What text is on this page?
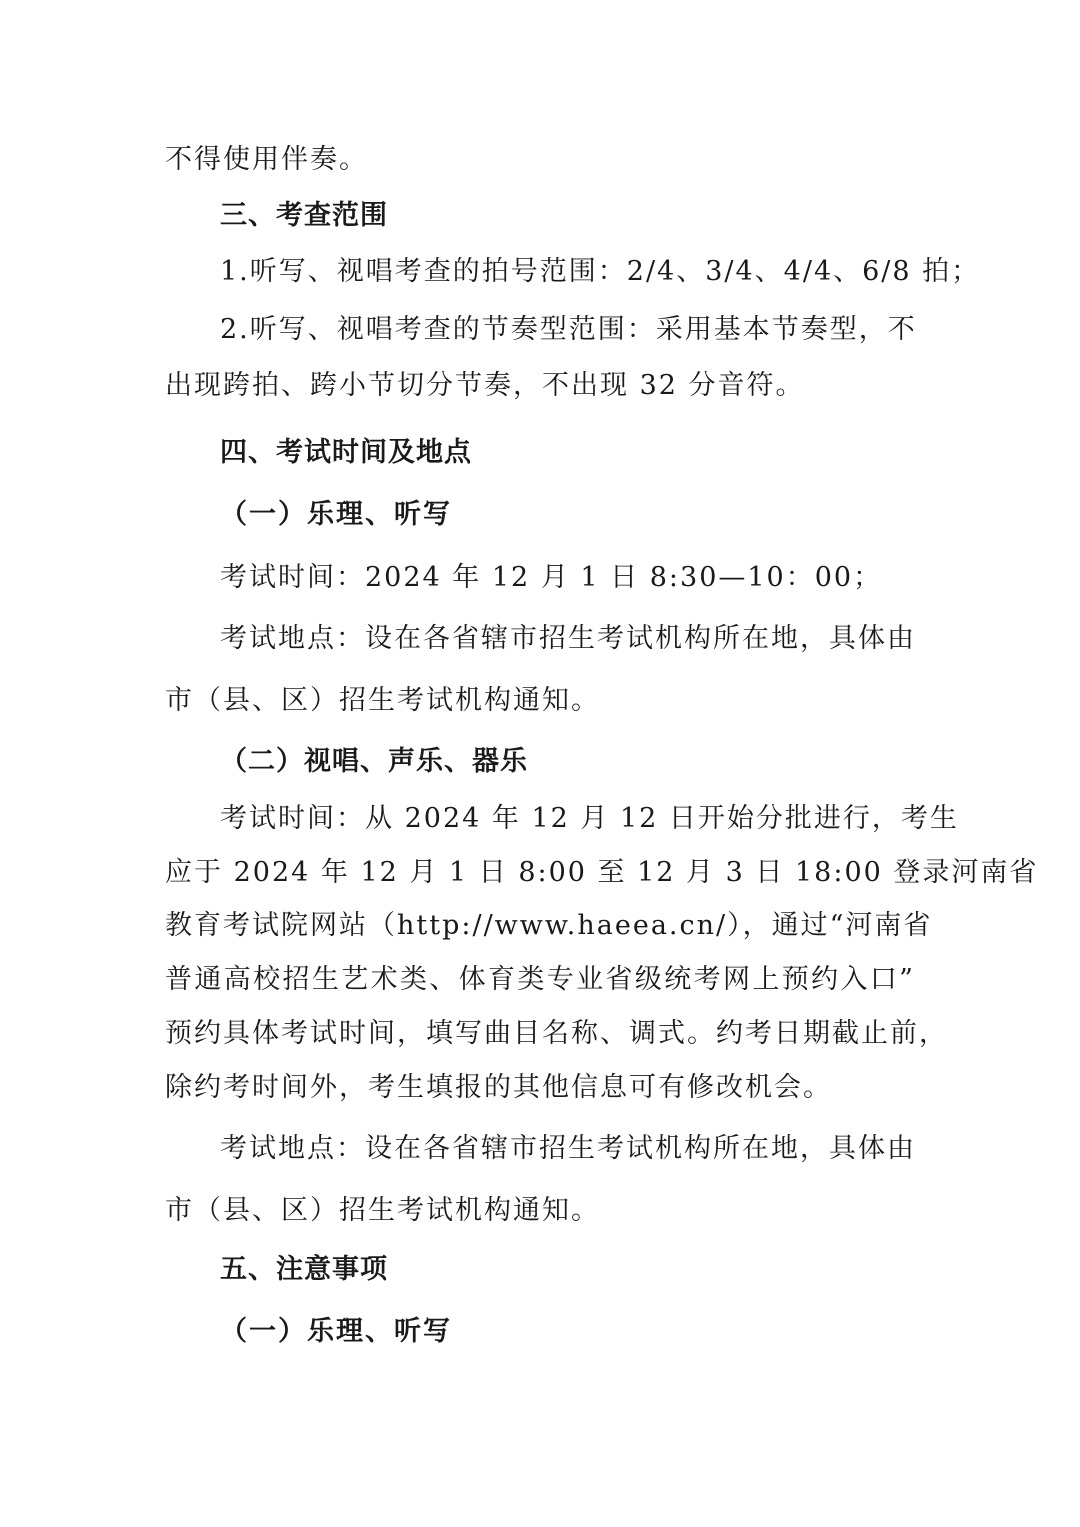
不得使用伴奏。
三、考查范围
1.听写、视唱考查的拍号范围：2/4、3/4、4/4、6/8 拍；
2.听写、视唱考查的节奏型范围：采用基本节奏型，不
出现跨拍、跨小节切分节奏，不出现 32 分音符。
四、考试时间及地点
（一）乐理、听写
考试时间：2024 年 12 月 1 日 8:30—10：00；
考试地点：设在各省辖市招生考试机构所在地，具体由
市（县、区）招生考试机构通知。
（二）视唱、声乐、器乐
考试时间：从 2024 年 12 月 12 日开始分批进行，考生
应于 2024 年 12 月 1 日 8:00 至 12 月 3 日 18:00 登录河南省
教育考试院网站（http://www.haeea.cn/），通过“河南省
普通高校招生艺术类、体育类专业省级统考网上预约入口”
预约具体考试时间，填写曲目名称、调式。约考日期截止前，
除约考时间外，考生填报的其他信息可有修改机会。
考试地点：设在各省辖市招生考试机构所在地，具体由
市（县、区）招生考试机构通知。
五、注意事项
（一）乐理、听写
